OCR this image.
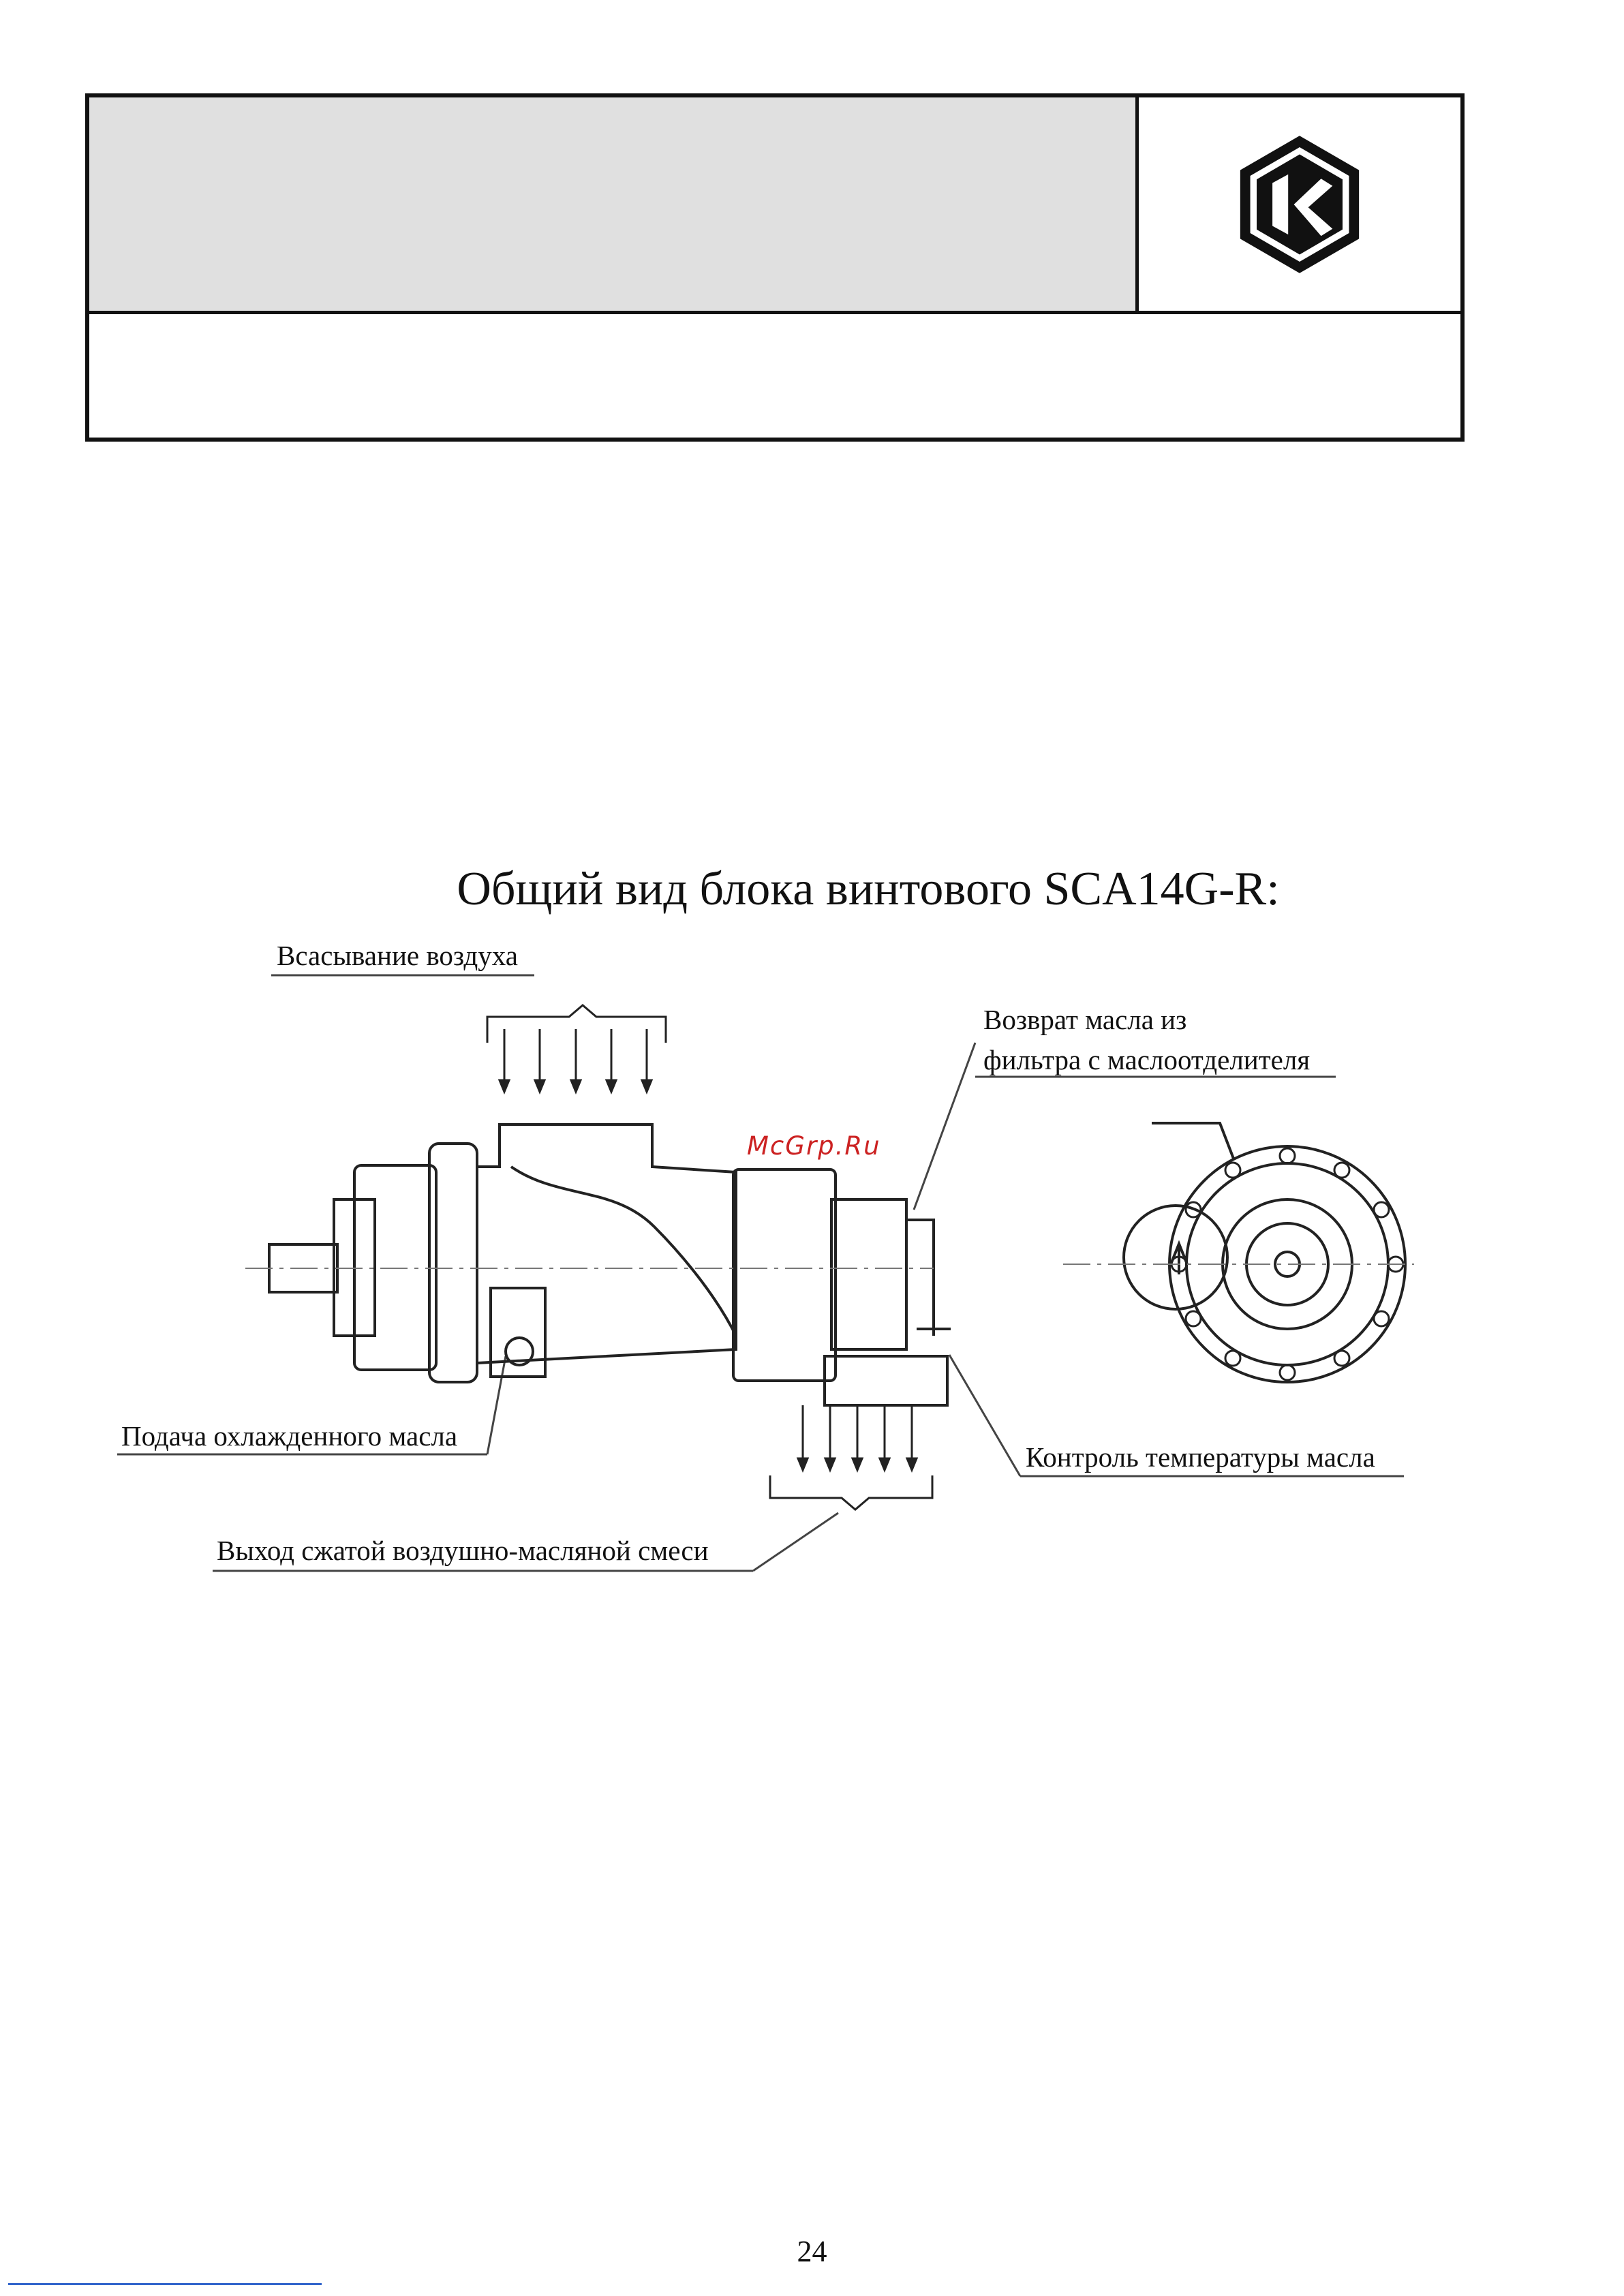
Общий вид блока винтового SCA14G-R:
McGrp.Ru
Всасывание воздуха
Возврат масла из
фильтра с маслоотделителя
Подача охлажденного масла
Контроль температуры масла
Выход сжатой воздушно-масляной смеси
24
